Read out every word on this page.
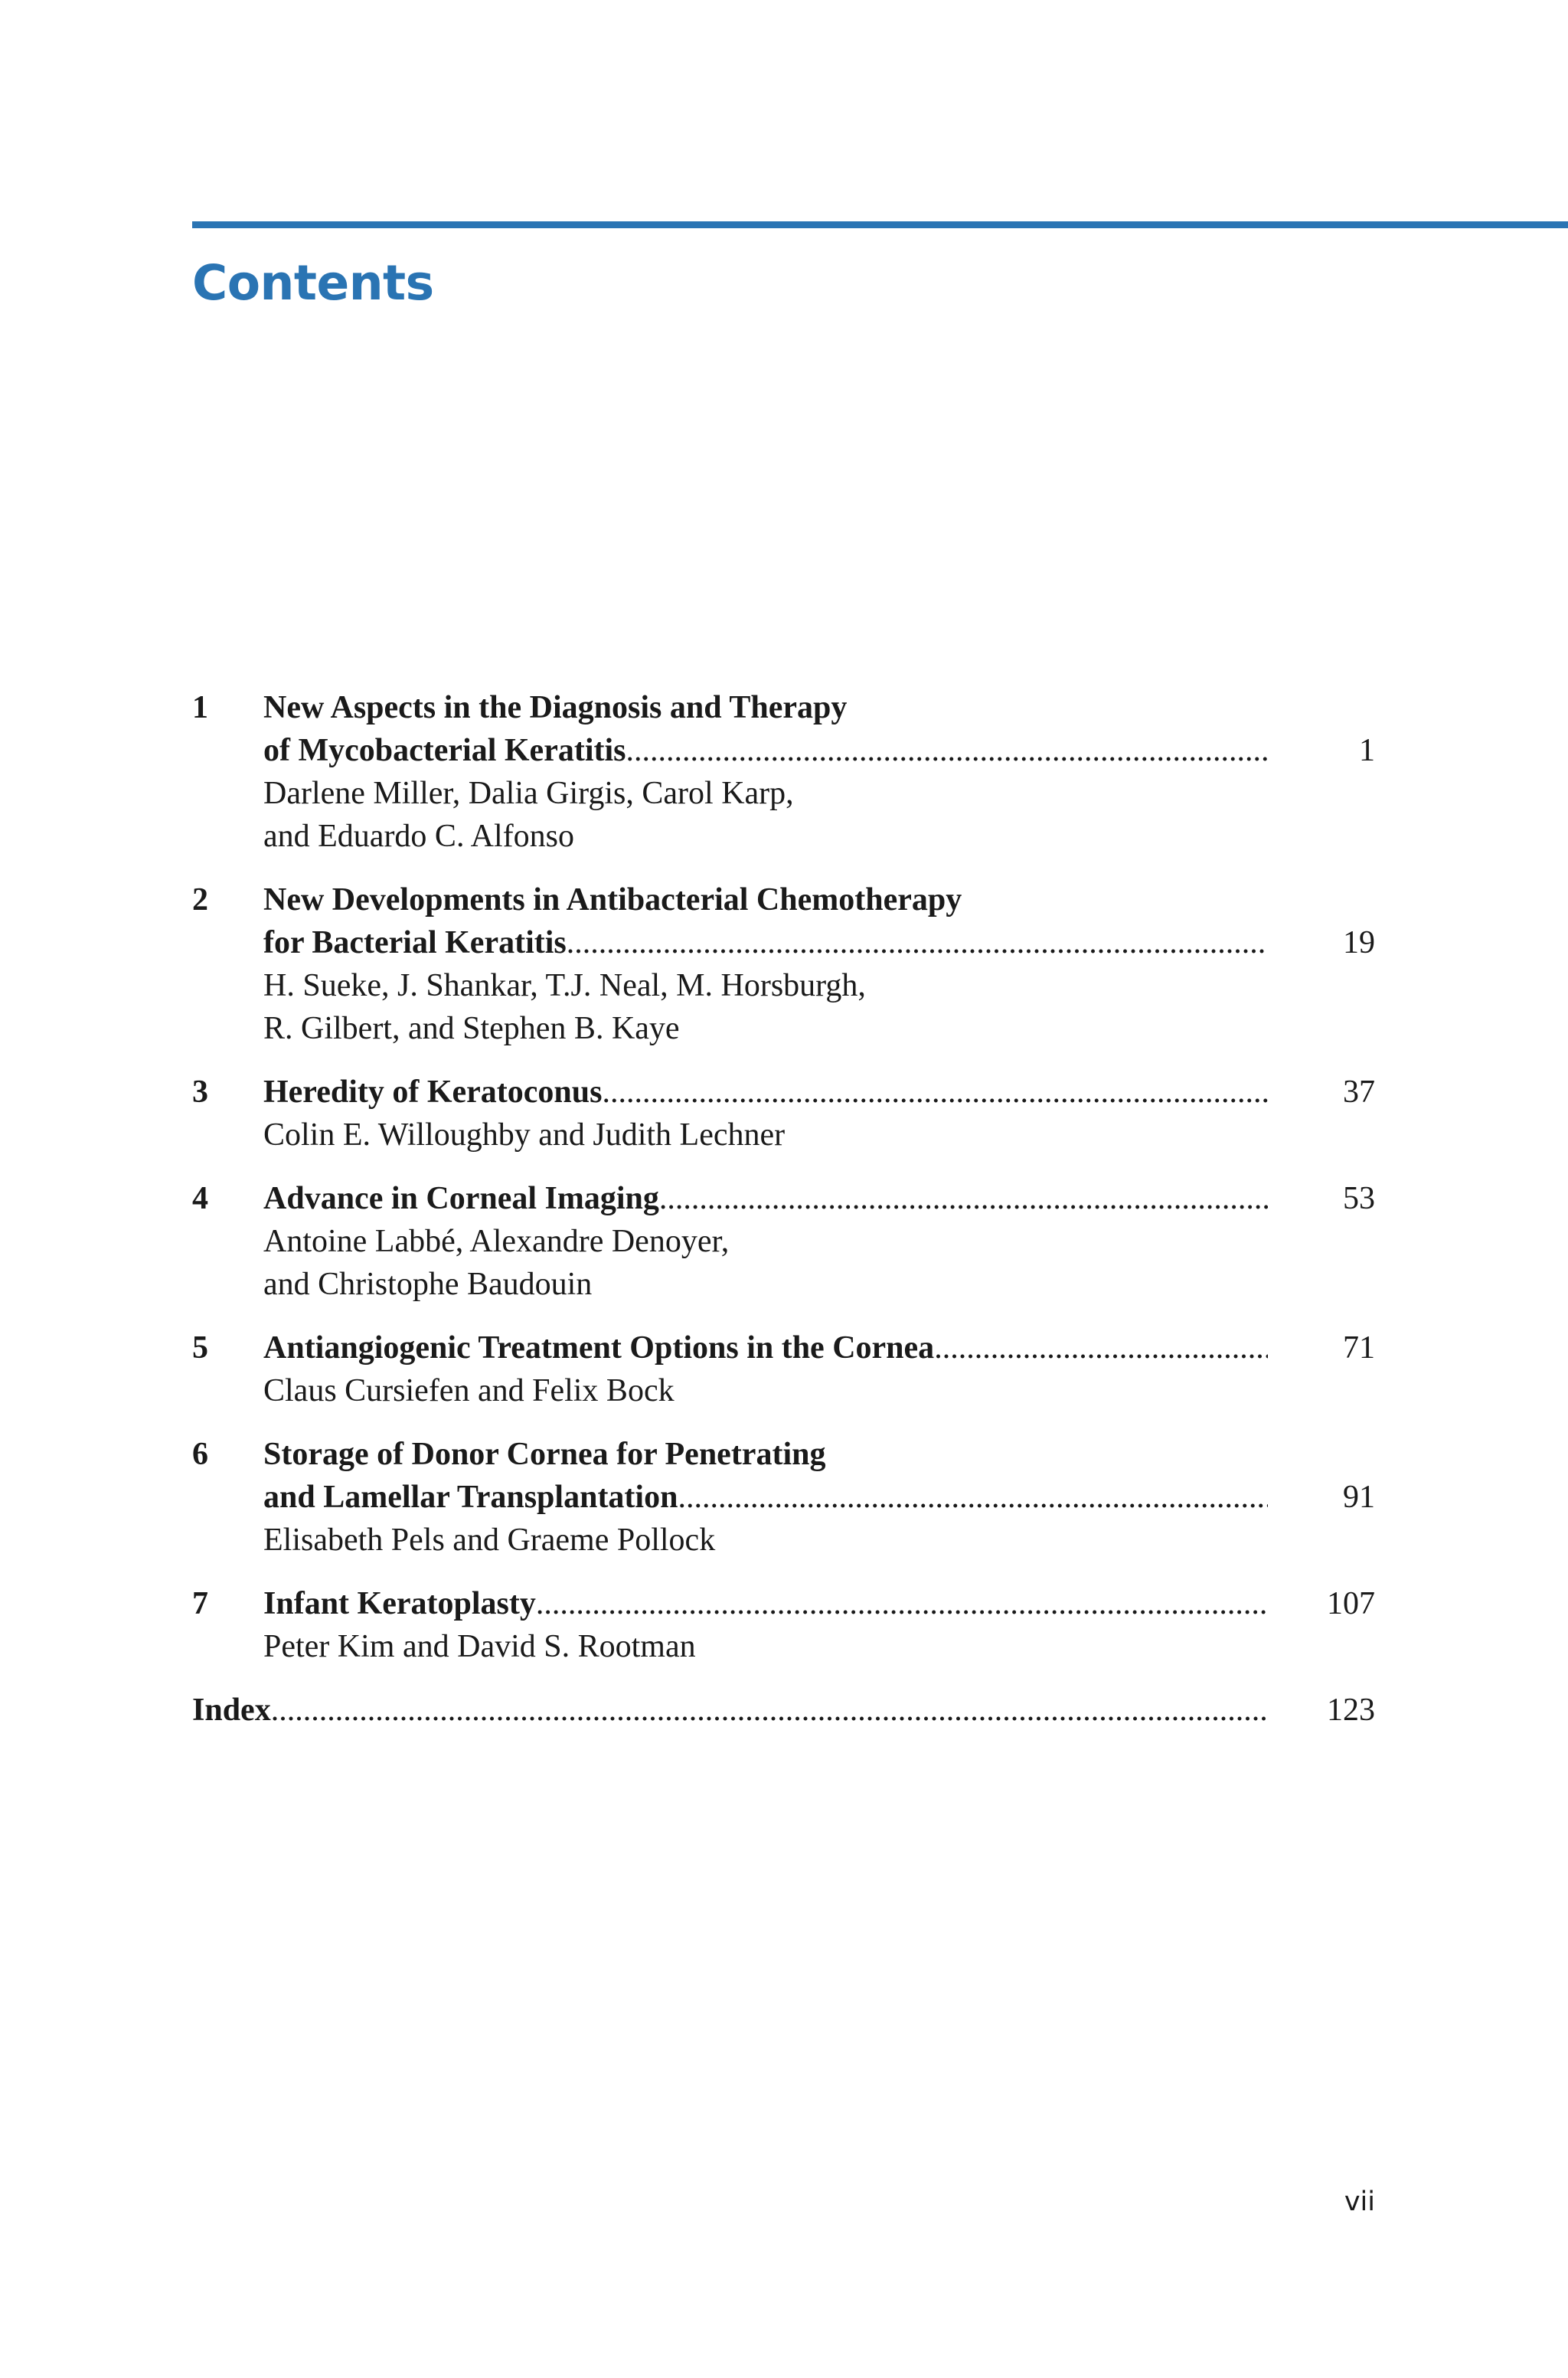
Contents
1	New Aspects in the Diagnosis and Therapy
of Mycobacterial Keratitis .....	1
Darlene Miller, Dalia Girgis, Carol Karp,
and Eduardo C. Alfonso
2	New Developments in Antibacterial Chemotherapy
for Bacterial Keratitis .....	19
H. Sueke, J. Shankar, T.J. Neal, M. Horsburgh,
R. Gilbert, and Stephen B. Kaye
3	Heredity of Keratoconus .....	37
Colin E. Willoughby and Judith Lechner
4	Advance in Corneal Imaging .....	53
Antoine Labbé, Alexandre Denoyer,
and Christophe Baudouin
5	Antiangiogenic Treatment Options in the Cornea .....	71
Claus Cursiefen and Felix Bock
6	Storage of Donor Cornea for Penetrating
and Lamellar Transplantation .....	91
Elisabeth Pels and Graeme Pollock
7	Infant Keratoplasty .....	107
Peter Kim and David S. Rootman
Index .....	123
vii
